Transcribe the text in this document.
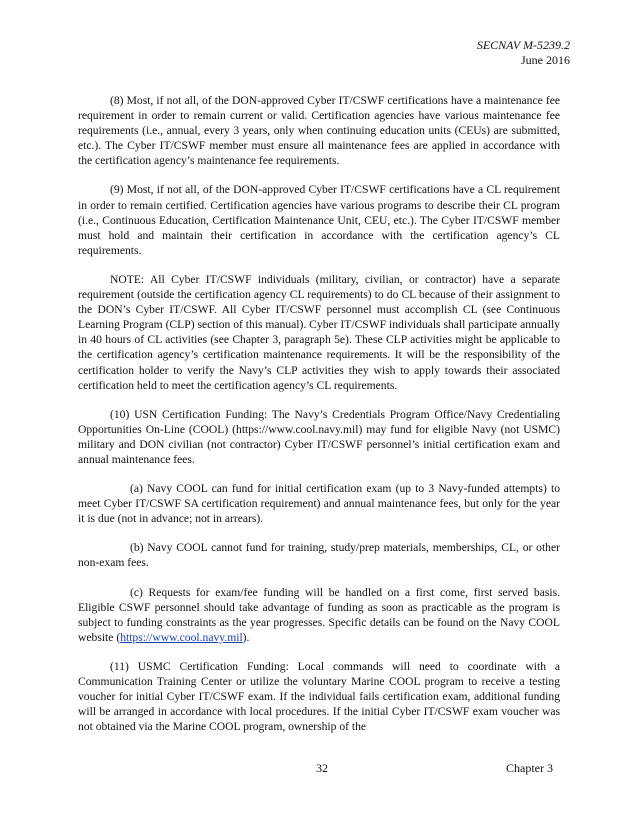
SECNAV M-5239.2
June 2016

(8) Most, if not all, of the DON-approved Cyber IT/CSWF certifications have a maintenance fee requirement in order to remain current or valid. Certification agencies have various maintenance fee requirements (i.e., annual, every 3 years, only when continuing education units (CEUs) are submitted, etc.). The Cyber IT/CSWF member must ensure all maintenance fees are applied in accordance with the certification agency’s maintenance fee requirements.

(9) Most, if not all, of the DON-approved Cyber IT/CSWF certifications have a CL requirement in order to remain certified. Certification agencies have various programs to describe their CL program (i.e., Continuous Education, Certification Maintenance Unit, CEU, etc.). The Cyber IT/CSWF member must hold and maintain their certification in accordance with the certification agency’s CL requirements.

NOTE: All Cyber IT/CSWF individuals (military, civilian, or contractor) have a separate requirement (outside the certification agency CL requirements) to do CL because of their assignment to the DON’s Cyber IT/CSWF. All Cyber IT/CSWF personnel must accomplish CL (see Continuous Learning Program (CLP) section of this manual). Cyber IT/CSWF individuals shall participate annually in 40 hours of CL activities (see Chapter 3, paragraph 5e). These CLP activities might be applicable to the certification agency’s certification maintenance requirements. It will be the responsibility of the certification holder to verify the Navy’s CLP activities they wish to apply towards their associated certification held to meet the certification agency’s CL requirements.

(10) USN Certification Funding: The Navy’s Credentials Program Office/Navy Credentialing Opportunities On-Line (COOL) (https://www.cool.navy.mil) may fund for eligible Navy (not USMC) military and DON civilian (not contractor) Cyber IT/CSWF personnel’s initial certification exam and annual maintenance fees.

(a) Navy COOL can fund for initial certification exam (up to 3 Navy-funded attempts) to meet Cyber IT/CSWF SA certification requirement) and annual maintenance fees, but only for the year it is due (not in advance; not in arrears).

(b) Navy COOL cannot fund for training, study/prep materials, memberships, CL, or other non-exam fees.

(c) Requests for exam/fee funding will be handled on a first come, first served basis. Eligible CSWF personnel should take advantage of funding as soon as practicable as the program is subject to funding constraints as the year progresses. Specific details can be found on the Navy COOL website (https://www.cool.navy.mil).

(11) USMC Certification Funding: Local commands will need to coordinate with a Communication Training Center or utilize the voluntary Marine COOL program to receive a testing voucher for initial Cyber IT/CSWF exam. If the individual fails certification exam, additional funding will be arranged in accordance with local procedures. If the initial Cyber IT/CSWF exam voucher was not obtained via the Marine COOL program, ownership of the

32	Chapter 3
